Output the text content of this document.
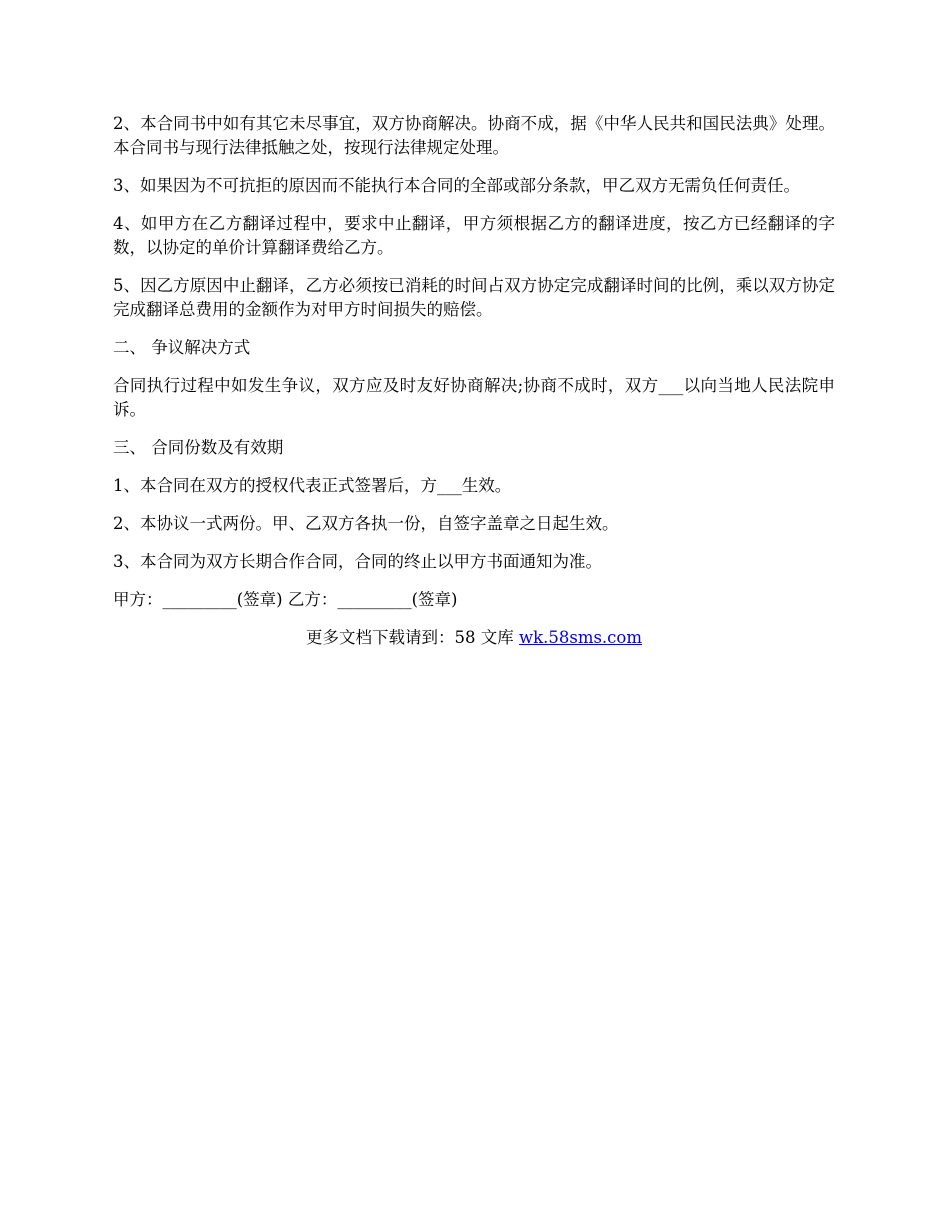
2、本合同书中如有其它未尽事宜，双方协商解决。协商不成，据《中华人民共和国民法典》处理。本合同书与现行法律抵触之处，按现行法律规定处理。

3、如果因为不可抗拒的原因而不能执行本合同的全部或部分条款，甲乙双方无需负任何责任。

4、如甲方在乙方翻译过程中，要求中止翻译，甲方须根据乙方的翻译进度，按乙方已经翻译的字数，以协定的单价计算翻译费给乙方。

5、因乙方原因中止翻译，乙方必须按已消耗的时间占双方协定完成翻译时间的比例，乘以双方协定完成翻译总费用的金额作为对甲方时间损失的赔偿。

二、 争议解决方式

合同执行过程中如发生争议，双方应及时友好协商解决;协商不成时，双方___以向当地人民法院申诉。

三、 合同份数及有效期

1、本合同在双方的授权代表正式签署后，方___生效。

2、本协议一式两份。甲、乙双方各执一份，自签字盖章之日起生效。

3、本合同为双方长期合作合同，合同的终止以甲方书面通知为准。

甲方：_________(签章) 乙方：_________(签章)

更多文档下载请到：58 文库 wk.58sms.com
